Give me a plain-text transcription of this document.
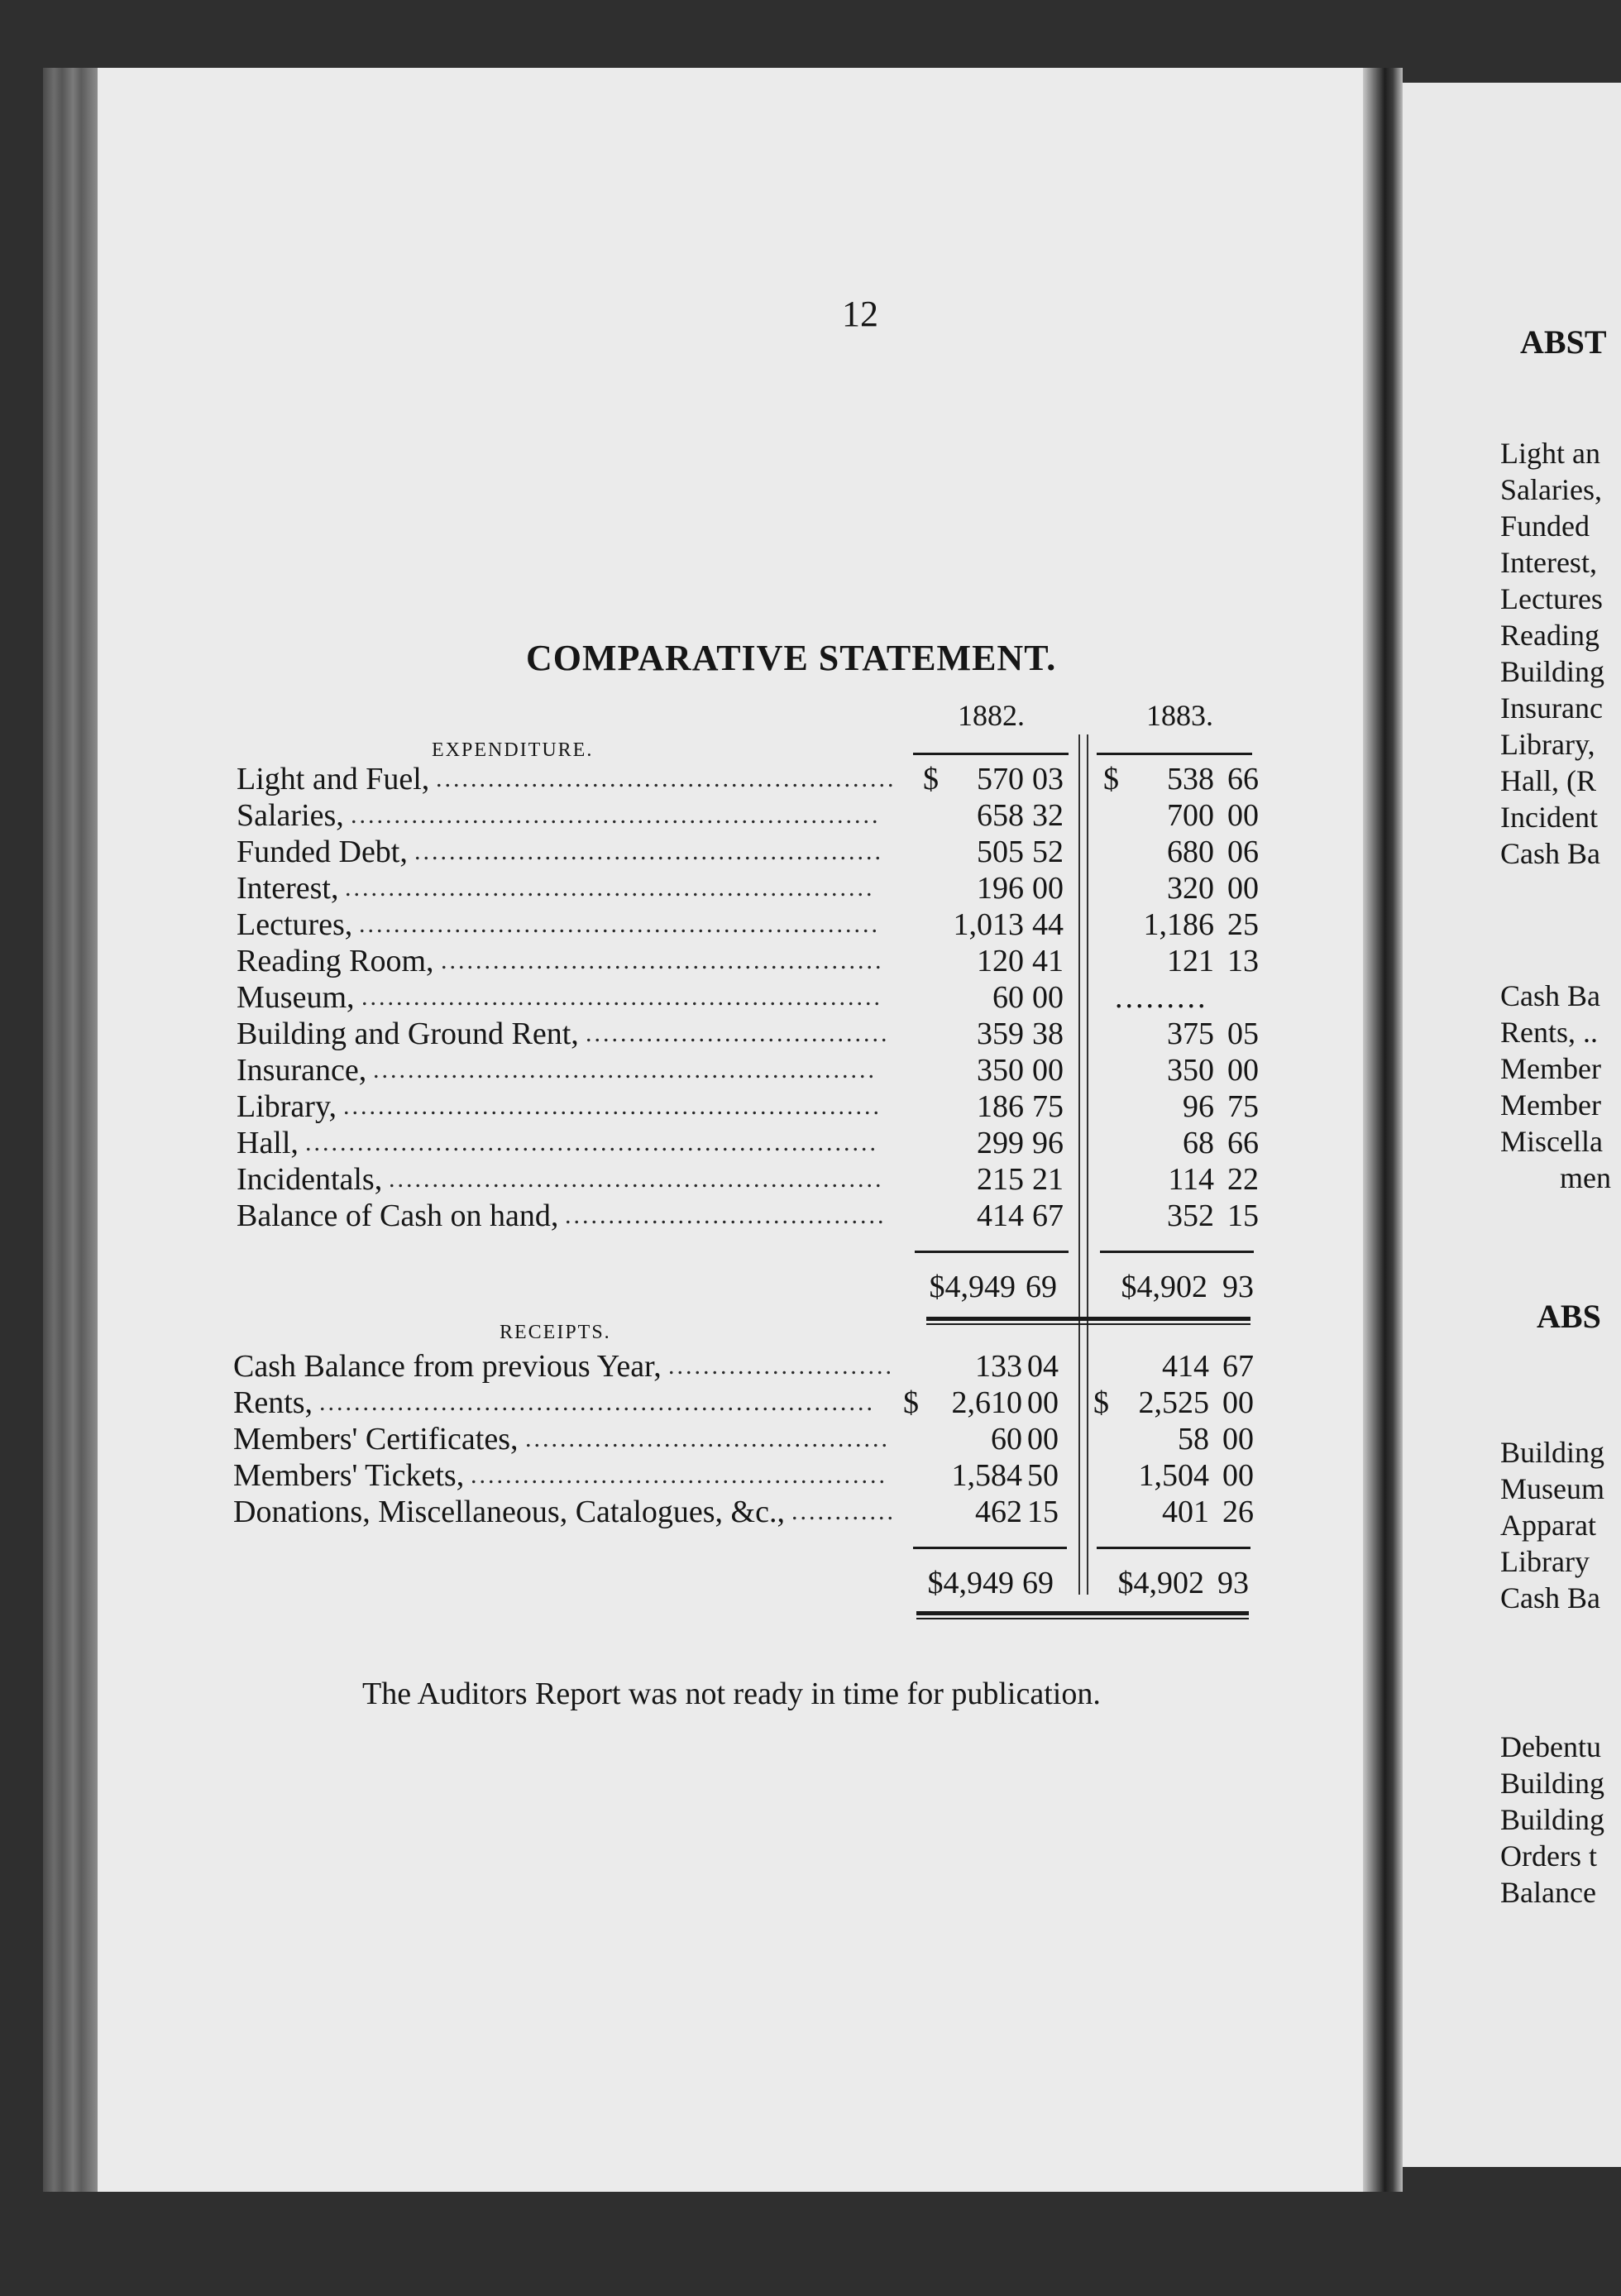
12
COMPARATIVE STATEMENT.
1882.	1883.
EXPENDITURE.
Light and Fuel, ..................................................... $	570 03 $	538 66
Salaries, .............................................................	658 32	700 00
Funded Debt, ......................................................	505 52	680 06
Interest, .............................................................	196 00	320 00
Lectures, ............................................................	1,013 44	1,186 25
Reading Room, ...................................................	120 41	121 13
Museum, ............................................................	60 00 .........
Building and Ground Rent, ...................................	359 38	375 05
Insurance, ..........................................................	350 00	350 00
Library, ..............................................................	186 75	96 75
Hall, ..................................................................	299 96	68 66
Incidentals, .........................................................	215 21	114 22
Balance of Cash on hand, .....................................	414 67	352 15
$4,949 69	$4,902 93
RECEIPTS.
Cash Balance from previous Year, ..........................	133 04	414 67
Rents, ................................................................ $	2,610 00 $ 2,525 00
Members' Certificates, ..........................................	60 00	58 00
Members' Tickets, ................................................	1,584 50	1,504 00
Donations, Miscellaneous, Catalogues, &c., ............	462 15	401 26
$4,949 69	$4,902 93
The Auditors Report was not ready in time for publication.
ABST
Light an
Salaries,
Funded
Interest,
Lectures
Reading
Building
Insuranc
Library,
Hall, (R
Incident
Cash Ba
Cash Ba
Rents, ..
Member
Member
Miscella
men
ABS
Building
Museum
Apparat
Library
Cash Ba
Debentu
Building
Building
Orders t
Balance
